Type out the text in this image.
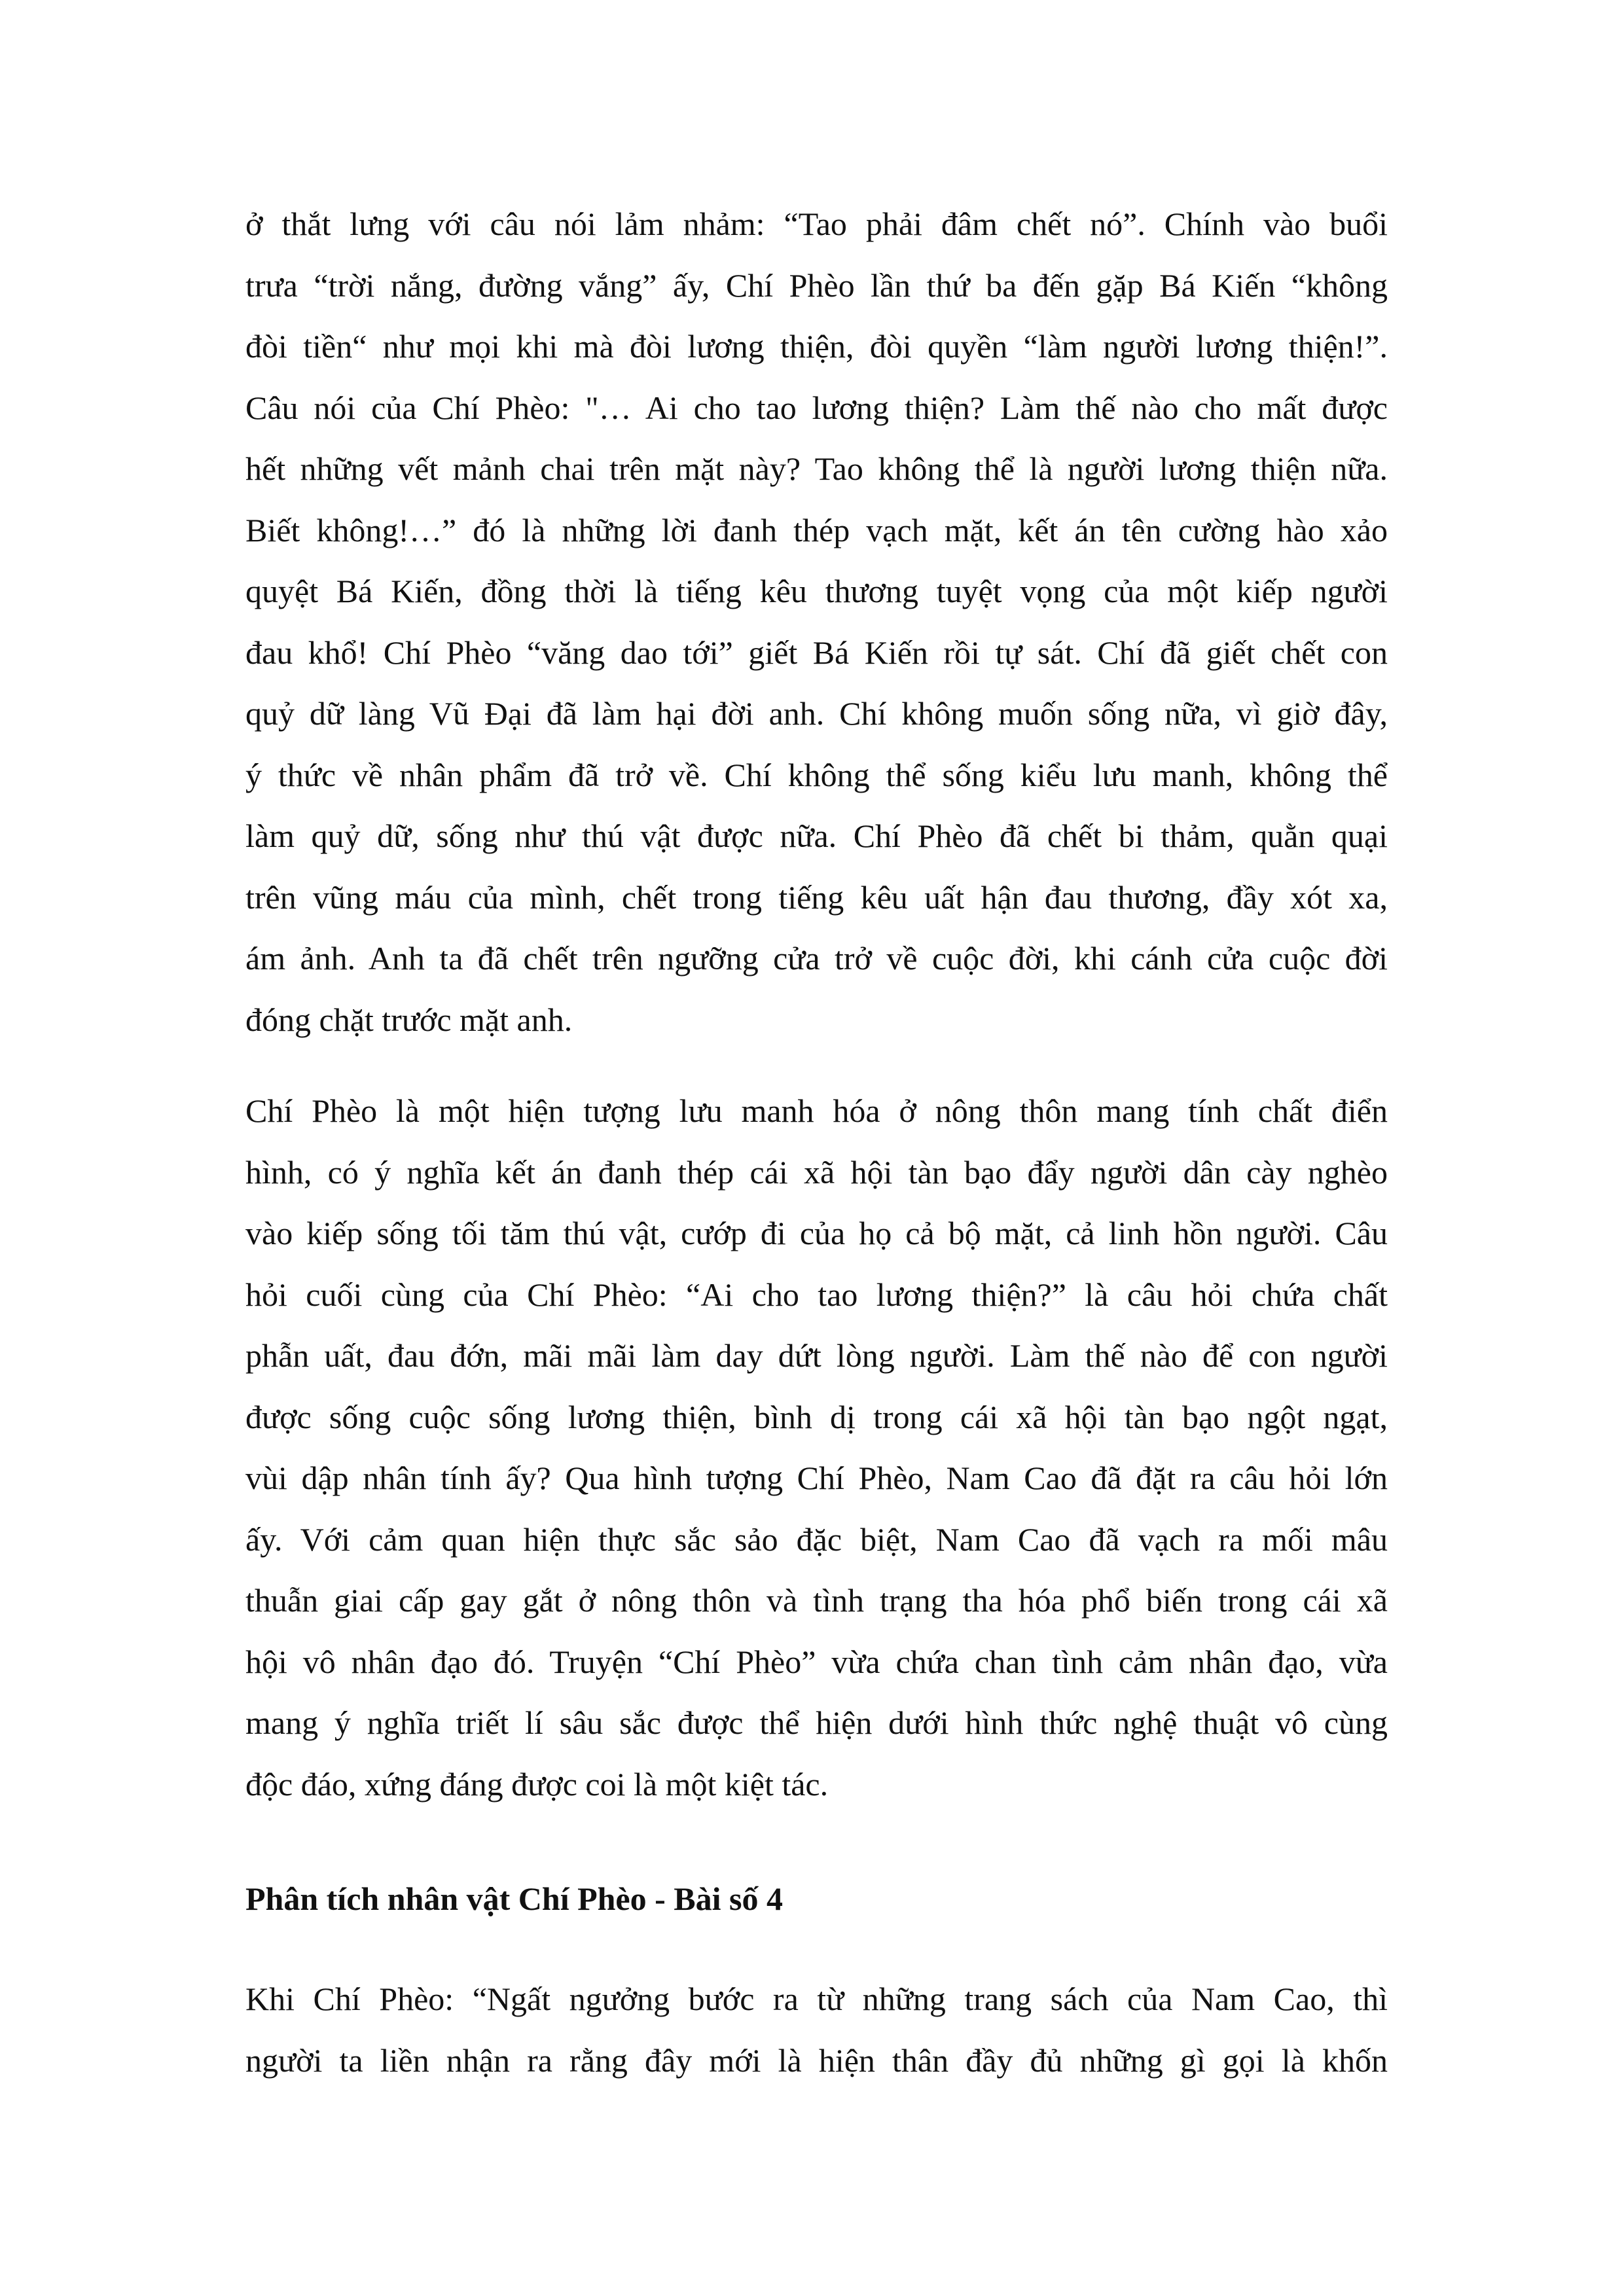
ở thắt lưng với câu nói lảm nhảm: “Tao phải đâm chết nó”. Chính vào buổi
trưa “trời nắng, đường vắng” ấy, Chí Phèo lần thứ ba đến gặp Bá Kiến “không
đòi tiền“ như mọi khi mà đòi lương thiện, đòi quyền “làm người lương thiện!”.
Câu nói của Chí Phèo: "… Ai cho tao lương thiện? Làm thế nào cho mất được
hết những vết mảnh chai trên mặt này? Tao không thể là người lương thiện nữa.
Biết không!…” đó là những lời đanh thép vạch mặt, kết án tên cường hào xảo
quyệt Bá Kiến, đồng thời là tiếng kêu thương tuyệt vọng của một kiếp người
đau khổ! Chí Phèo “văng dao tới” giết Bá Kiến rồi tự sát. Chí đã giết chết con
quỷ dữ làng Vũ Đại đã làm hại đời anh. Chí không muốn sống nữa, vì giờ đây,
ý thức về nhân phẩm đã trở về. Chí không thể sống kiểu lưu manh, không thể
làm quỷ dữ, sống như thú vật được nữa. Chí Phèo đã chết bi thảm, quằn quại
trên vũng máu của mình, chết trong tiếng kêu uất hận đau thương, đầy xót xa,
ám ảnh. Anh ta đã chết trên ngưỡng cửa trở về cuộc đời, khi cánh cửa cuộc đời
đóng chặt trước mặt anh.
Chí Phèo là một hiện tượng lưu manh hóa ở nông thôn mang tính chất điển
hình, có ý nghĩa kết án đanh thép cái xã hội tàn bạo đẩy người dân cày nghèo
vào kiếp sống tối tăm thú vật, cướp đi của họ cả bộ mặt, cả linh hồn người. Câu
hỏi cuối cùng của Chí Phèo: “Ai cho tao lương thiện?” là câu hỏi chứa chất
phẫn uất, đau đớn, mãi mãi làm day dứt lòng người. Làm thế nào để con người
được sống cuộc sống lương thiện, bình dị trong cái xã hội tàn bạo ngột ngạt,
vùi dập nhân tính ấy? Qua hình tượng Chí Phèo, Nam Cao đã đặt ra câu hỏi lớn
ấy. Với cảm quan hiện thực sắc sảo đặc biệt, Nam Cao đã vạch ra mối mâu
thuẫn giai cấp gay gắt ở nông thôn và tình trạng tha hóa phổ biến trong cái xã
hội vô nhân đạo đó. Truyện “Chí Phèo” vừa chứa chan tình cảm nhân đạo, vừa
mang ý nghĩa triết lí sâu sắc được thể hiện dưới hình thức nghệ thuật vô cùng
độc đáo, xứng đáng được coi là một kiệt tác.
Phân tích nhân vật Chí Phèo - Bài số 4
Khi Chí Phèo: “Ngất ngưởng bước ra từ những trang sách của Nam Cao, thì
người ta liền nhận ra rằng đây mới là hiện thân đầy đủ những gì gọi là khốn
